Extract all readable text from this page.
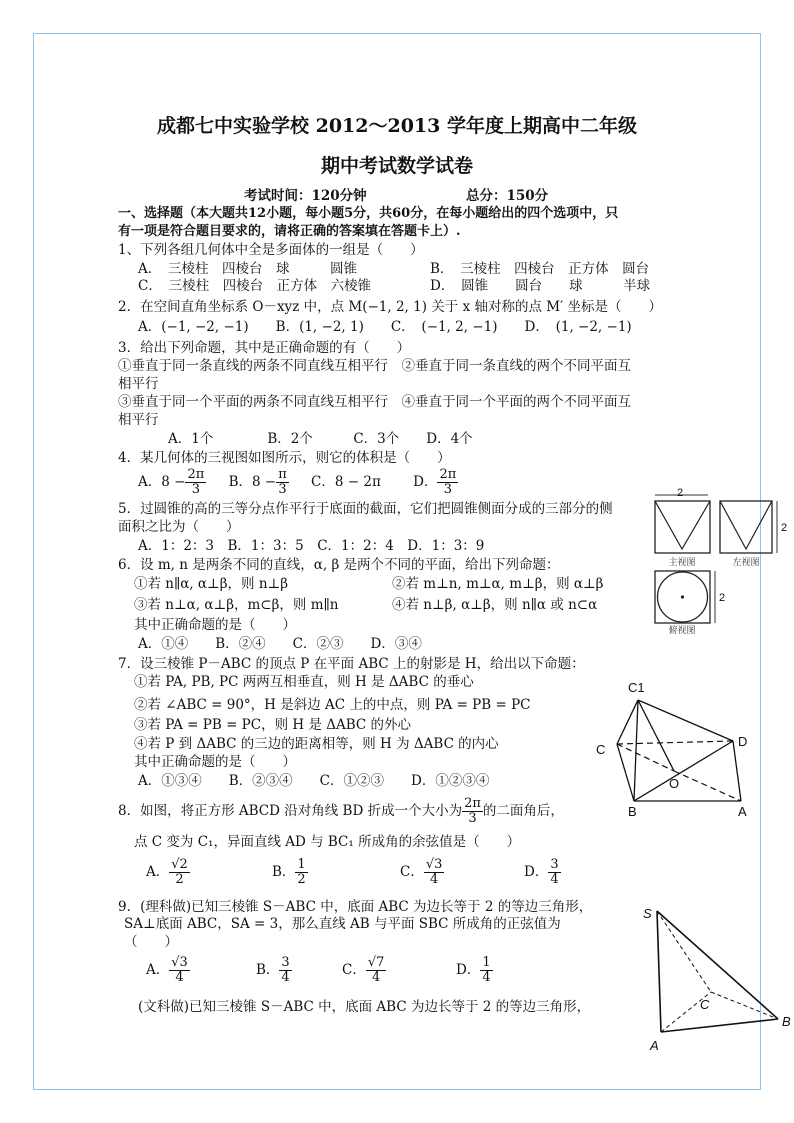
成都七中实验学校 2012～2013 学年度上期高中二年级
期中考试数学试卷
考试时间：120分钟	总分：150分
一、选择题（本大题共12小题，每小题5分，共60分，在每小题给出的四个选项中，只
有一项是符合题目要求的，请将正确的答案填在答题卡上）.
1、下列各组几何体中全是多面体的一组是（　　）
A．　三棱柱　四棱台　球　　　圆锥	B．　三棱柱　四棱台　正方体　圆台
C．　三棱柱　四棱台　正方体　六棱锥	D．　圆锥　　圆台　　球　　　半球
2．在空间直角坐标系 O－xyz 中，点 M(−1, 2, 1) 关于 x 轴对称的点 M′ 坐标是（　　）
A．(−1, −2, −1)　　B．(1, −2, 1)　　C．　(−1, 2, −1)　　D．　(1, −2, −1)
3．给出下列命题，其中是正确命题的有（　　）
①垂直于同一条直线的两条不同直线互相平行　②垂直于同一条直线的两个不同平面互
相平行
③垂直于同一个平面的两条不同直线互相平行　④垂直于同一个平面的两个不同平面互
相平行
A．1个　　　　B．2个　　　C．3个　　D．4个
4．某几何体的三视图如图所示，则它的体积是（　　）
A．$8 - \frac{2\pi}{3}$ B．$8 - \frac{\pi}{3}$ C．8 − 2π D． $\frac{2\pi}{3}$
5．过圆锥的高的三等分点作平行于底面的截面，它们把圆锥侧面分成的三部分的侧
面积之比为（　　）
A．1：2：3　B．1：3：5　C．1：2：4　D．1：3：9
6．设 m, n 是两条不同的直线，α, β 是两个不同的平面，给出下列命题：
①若 n∥α, α⊥β，则 n⊥β	②若 m⊥n, m⊥α, m⊥β，则 α⊥β
③若 n⊥α, α⊥β，m⊂β，则 m∥n	④若 n⊥β, α⊥β，则 n∥α 或 n⊂α
其中正确命题的是（　　）
A．①④　　B．②④　　C．②③　　D．③④
7．设三棱锥 P－ABC 的顶点 P 在平面 ABC 上的射影是 H，给出以下命题：
①若 PA, PB, PC 两两互相垂直，则 H 是 ΔABC 的垂心
②若 ∠ABC = 90°，H 是斜边 AC 上的中点，则 PA = PB = PC
③若 PA = PB = PC，则 H 是 ΔABC 的外心
④若 P 到 ΔABC 的三边的距离相等，则 H 为 ΔABC 的内心
其中正确命题的是（　　）
A．①③④　　B．②③④　　C．①②③　　D．①②③④
8．如图，将正方形 ABCD 沿对角线 BD 折成一个大小为 $\frac{2\pi}{3}$ 的二面角后，
点 C 变为 C₁，异面直线 AD 与 BC₁ 所成角的余弦值是（　　）
A． $\frac{√2}{2}$	B． $\frac{1}{2}$	C． $\frac{√3}{4}$	D． $\frac{3}{4}$
9．(理科做)已知三棱锥 S－ABC 中，底面 ABC 为边长等于 2 的等边三角形，
SA⊥底面 ABC，SA = 3，那么直线 AB 与平面 SBC 所成角的正弦值为
（　　）
A． $\frac{√3}{4}$	B． $\frac{3}{4}$	C． $\frac{√7}{4}$	D． $\frac{1}{4}$
(文科做)已知三棱锥 S－ABC 中，底面 ABC 为边长等于 2 的等边三角形，
2
2
主视图	左视图
2
俯视图
C1
C
D
O
B	A
S
C
B
A
